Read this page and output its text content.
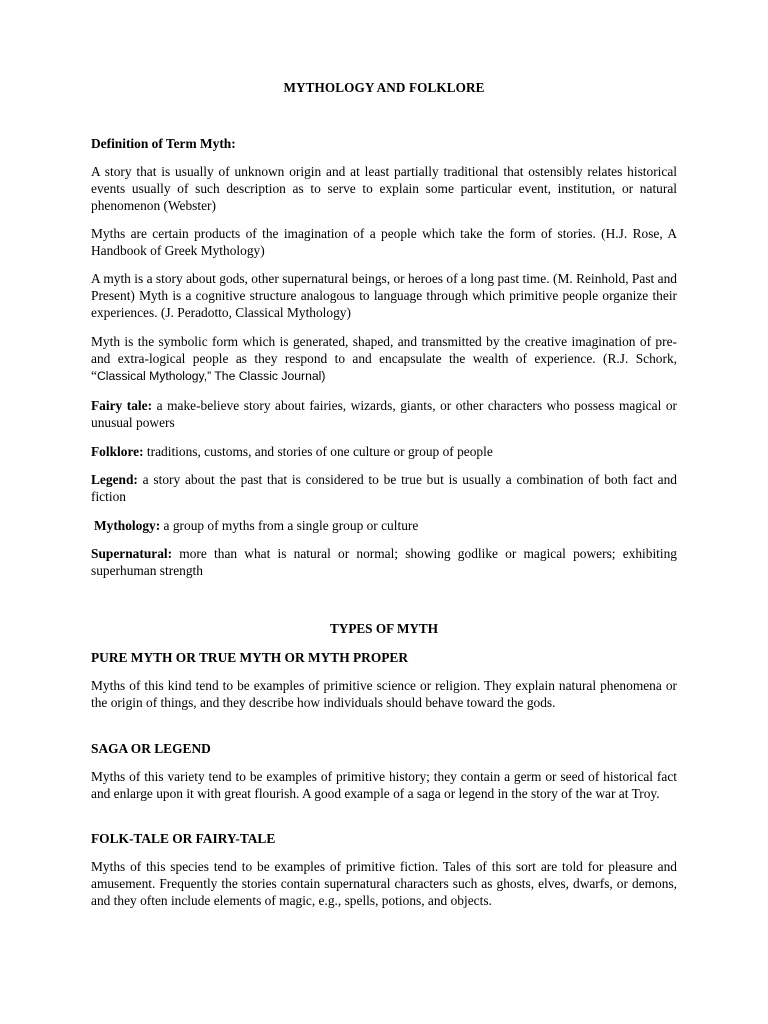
MYTHOLOGY AND FOLKLORE
Definition of Term Myth:

A story that is usually of unknown origin and at least partially traditional that ostensibly relates historical events usually of such description as to serve to explain some particular event, institution, or natural phenomenon (Webster)

Myths are certain products of the imagination of a people which take the form of stories. (H.J. Rose, A Handbook of Greek Mythology)

A myth is a story about gods, other supernatural beings, or heroes of a long past time. (M. Reinhold, Past and Present) Myth is a cognitive structure analogous to language through which primitive people organize their experiences. (J. Peradotto, Classical Mythology)

Myth is the symbolic form which is generated, shaped, and transmitted by the creative imagination of pre- and extra-logical people as they respond to and encapsulate the wealth of experience. (R.J. Schork, “Classical Mythology,” The Classic Journal)

Fairy tale: a make-believe story about fairies, wizards, giants, or other characters who possess magical or unusual powers

Folklore: traditions, customs, and stories of one culture or group of people

Legend: a story about the past that is considered to be true but is usually a combination of both fact and fiction

Mythology: a group of myths from a single group or culture

Supernatural: more than what is natural or normal; showing godlike or magical powers; exhibiting superhuman strength

TYPES OF MYTH
PURE MYTH OR TRUE MYTH OR MYTH PROPER

Myths of this kind tend to be examples of primitive science or religion. They explain natural phenomena or the origin of things, and they describe how individuals should behave toward the gods.

SAGA OR LEGEND

Myths of this variety tend to be examples of primitive history; they contain a germ or seed of historical fact and enlarge upon it with great flourish. A good example of a saga or legend in the story of the war at Troy.

FOLK-TALE OR FAIRY-TALE

Myths of this species tend to be examples of primitive fiction. Tales of this sort are told for pleasure and amusement. Frequently the stories contain supernatural characters such as ghosts, elves, dwarfs, or demons, and they often include elements of magic, e.g., spells, potions, and objects.
